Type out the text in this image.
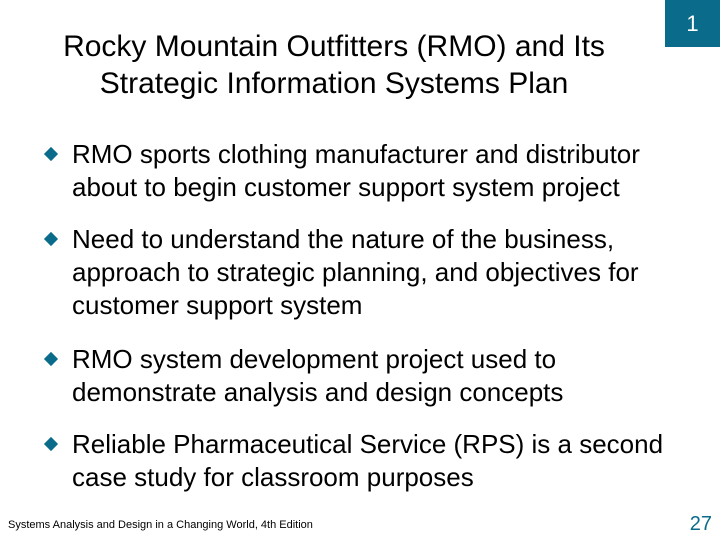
Rocky Mountain Outfitters (RMO) and Its
Strategic Information Systems Plan
1
RMO sports clothing manufacturer and distributor about to begin customer support system project
Need to understand the nature of the business, approach to strategic planning, and objectives for customer support system
RMO system development project used to demonstrate analysis and design concepts
Reliable Pharmaceutical Service (RPS) is a second case study for classroom purposes
Systems Analysis and Design in a Changing World, 4th Edition	27
